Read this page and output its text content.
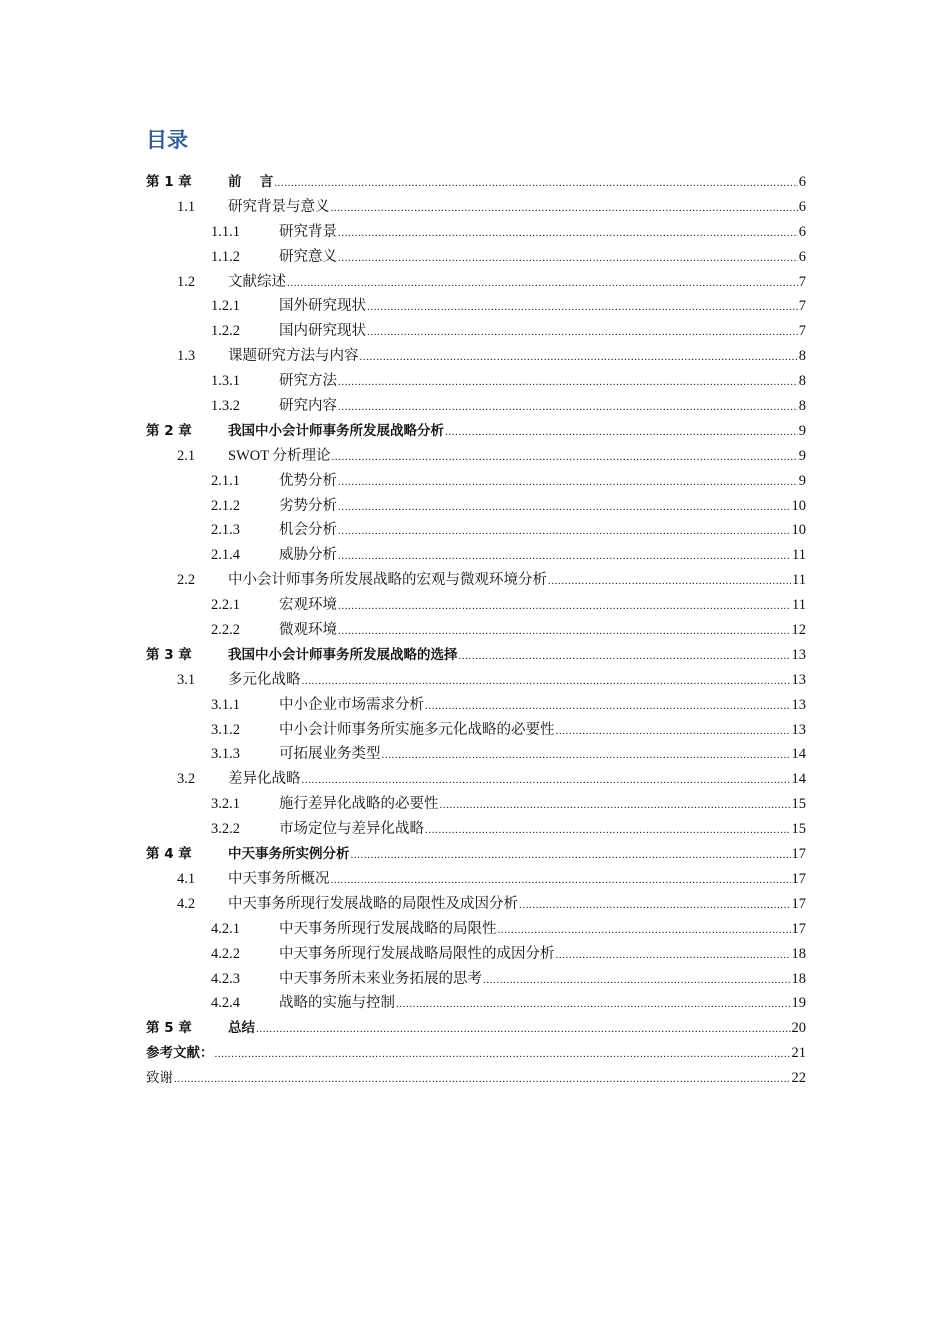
目录
第 1 章	前　 言 .....	6
1.1	研究背景与意义 .....	6
1.1.1	研究背景 .....	6
1.1.2	研究意义 .....	6
1.2	文献综述 .....	7
1.2.1	国外研究现状 .....	7
1.2.2	国内研究现状 .....	7
1.3	课题研究方法与内容 .....	8
1.3.1	研究方法 .....	8
1.3.2	研究内容 .....	8
第 2 章	我国中小会计师事务所发展战略分析 .....	9
2.1	SWOT 分析理论 .....	9
2.1.1	优势分析 .....	9
2.1.2	劣势分析 .....	10
2.1.3	机会分析 .....	10
2.1.4	威胁分析 .....	11
2.2	中小会计师事务所发展战略的宏观与微观环境分析 .....	11
2.2.1	宏观环境 .....	11
2.2.2	微观环境 .....	12
第 3 章	我国中小会计师事务所发展战略的选择 .....	13
3.1	多元化战略 .....	13
3.1.1	中小企业市场需求分析 .....	13
3.1.2	中小会计师事务所实施多元化战略的必要性 .....	13
3.1.3	可拓展业务类型 .....	14
3.2	差异化战略 .....	14
3.2.1	施行差异化战略的必要性 .....	15
3.2.2	市场定位与差异化战略 .....	15
第 4 章	中天事务所实例分析 .....	17
4.1	中天事务所概况 .....	17
4.2	中天事务所现行发展战略的局限性及成因分析 .....	17
4.2.1	中天事务所现行发展战略的局限性 .....	17
4.2.2	中天事务所现行发展战略局限性的成因分析 .....	18
4.2.3	中天事务所未来业务拓展的思考 .....	18
4.2.4	战略的实施与控制 .....	19
第 5 章	总结 .....	20
参考文献： .....	21
致谢 .....	22
